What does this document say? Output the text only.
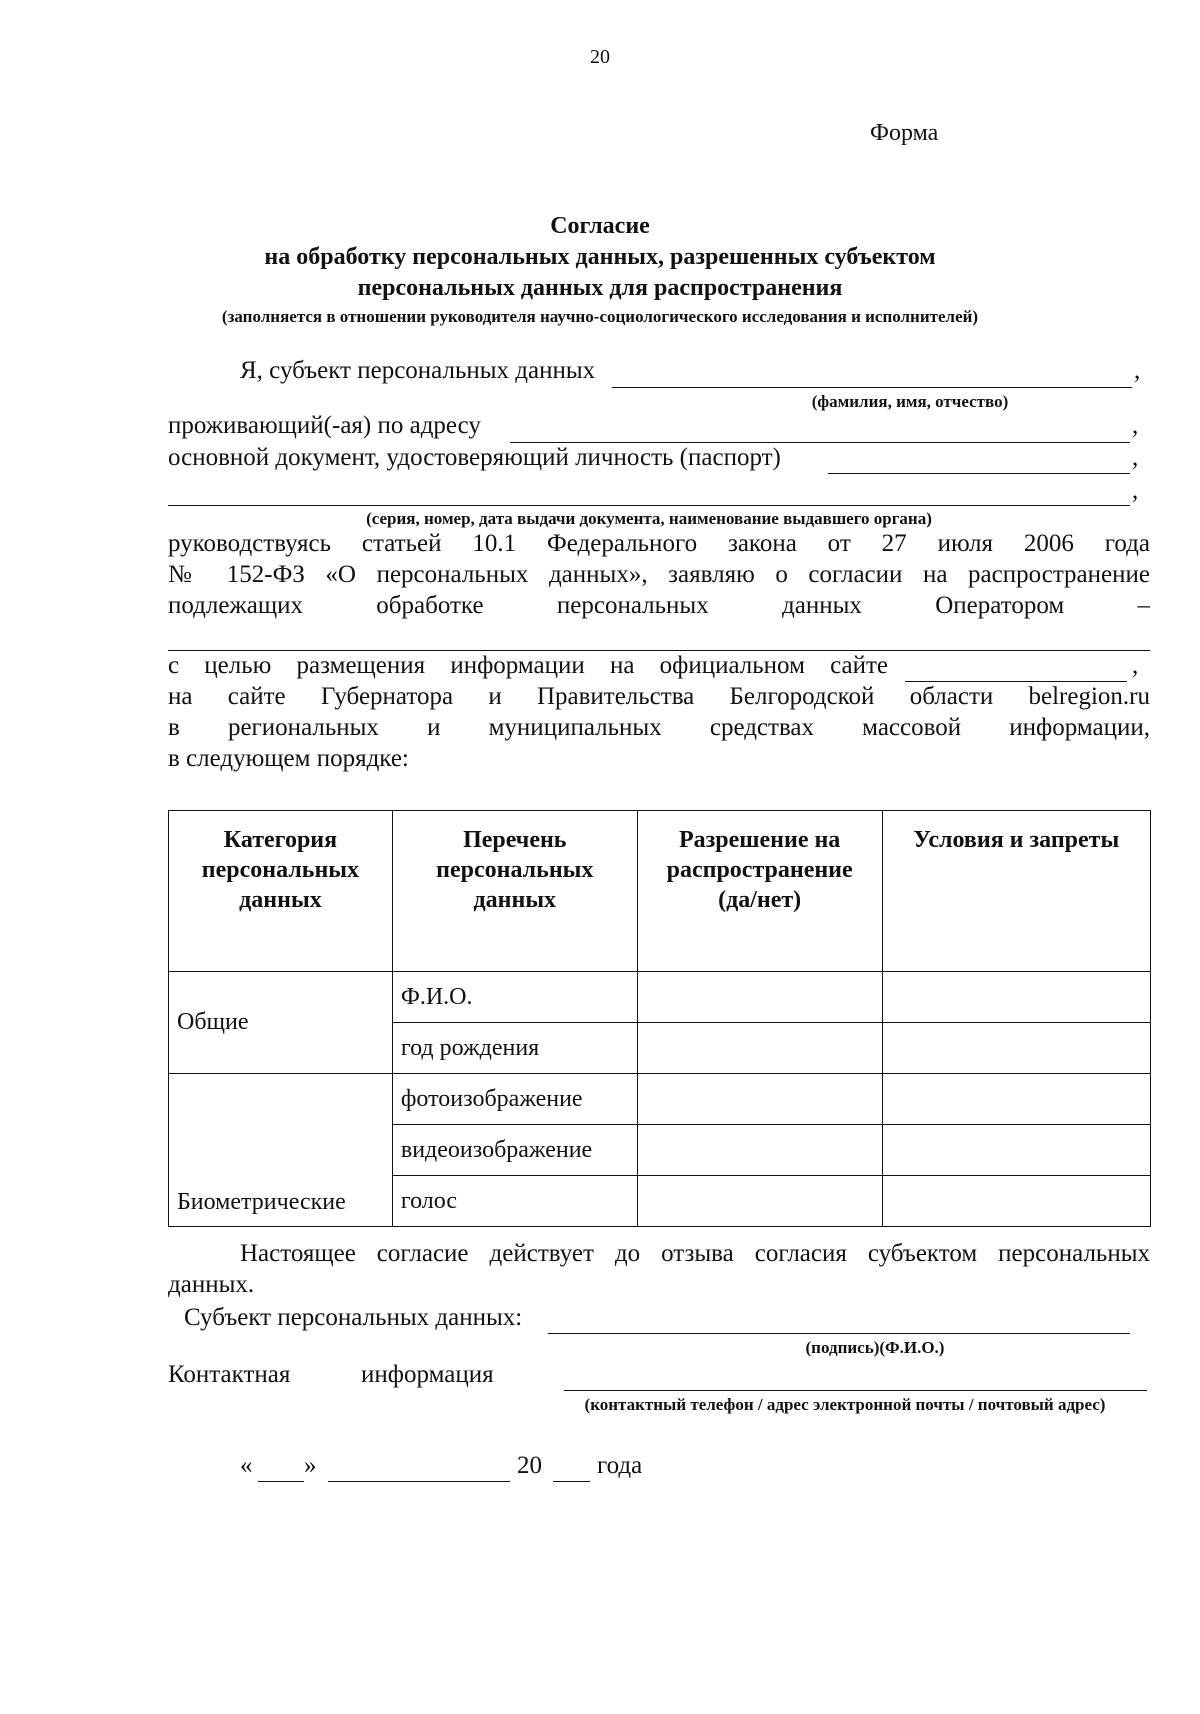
20
Форма
Согласие
на обработку персональных данных, разрешенных субъектом
персональных данных для распространения
(заполняется в отношении руководителя научно-социологического исследования и исполнителей)
Я, субъект персональных данных	,
(фамилия, имя, отчество)
проживающий(-ая) по адресу	,
основной документ, удостоверяющий личность (паспорт)	,
,
(серия, номер, дата выдачи документа, наименование выдавшего органа)
руководствуясь статьей 10.1 Федерального закона от 27 июля 2006 года
№ 152-ФЗ «О персональных данных», заявляю о согласии на распространение
подлежащих обработке персональных данных Оператором –
с целью размещения информации на официальном сайте	,
на сайте Губернатора и Правительства Белгородской области belregion.ru
в региональных и муниципальных средствах массовой информации,
в следующем порядке:
Категория персональных данных	Перечень персональных данных	Разрешение на распространение (да/нет)	Условия и запреты
Общие	Ф.И.О.		
	год рождения		
Биометрические	фотоизображение		
	видеоизображение		
	голос		
Настоящее согласие действует до отзыва согласия субъектом персональных
данных.
Субъект персональных данных:
(подпись)(Ф.И.О.)
Контактная	информация
(контактный телефон / адрес электронной почты / почтовый адрес)
« »	20 года
